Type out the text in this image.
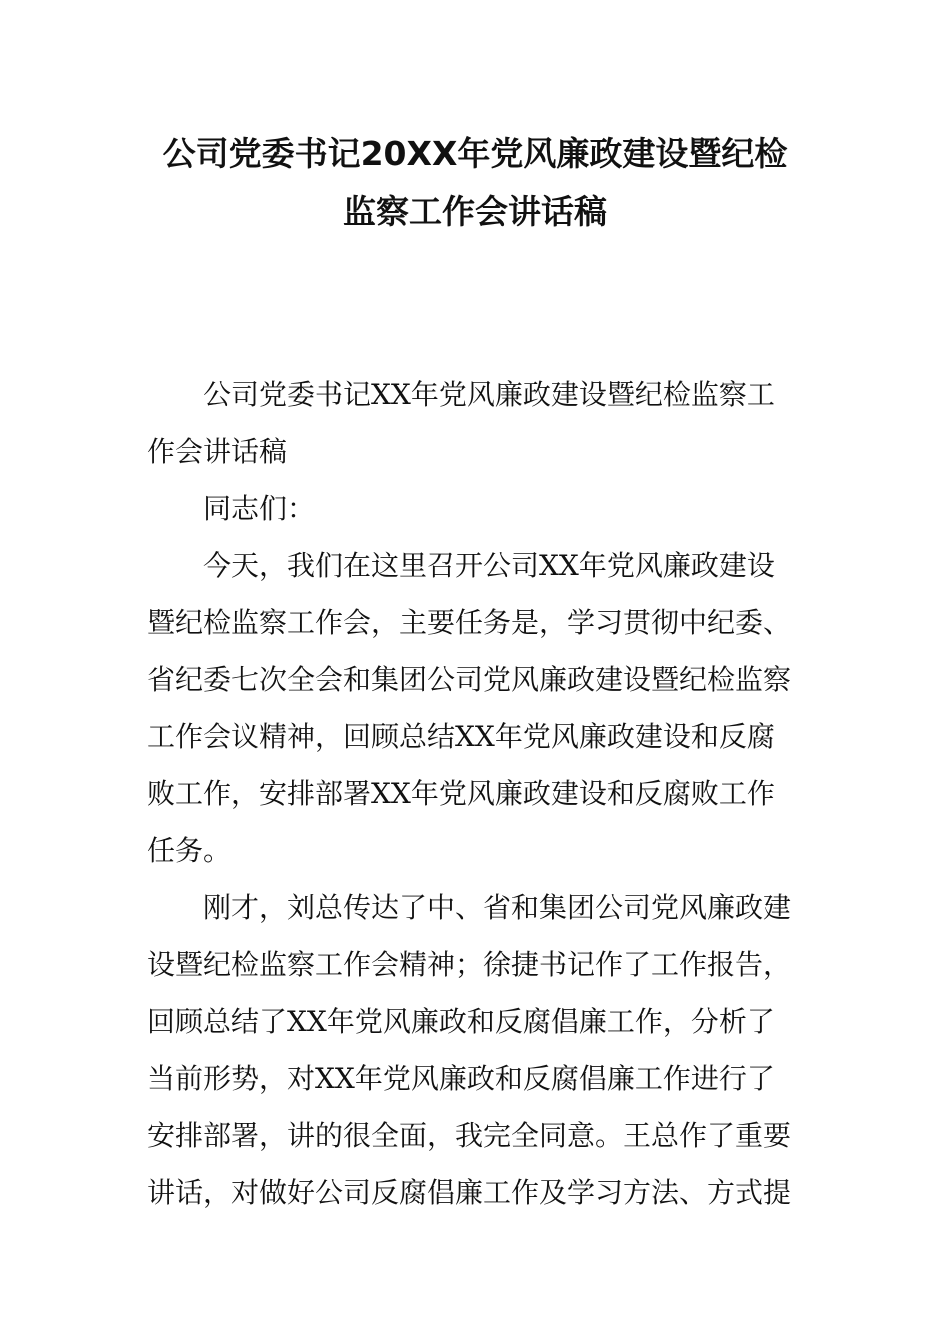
公司党委书记20XX年党风廉政建设暨纪检
监察工作会讲话稿
公司党委书记XX年党风廉政建设暨纪检监察工
作会讲话稿
同志们：
今天，我们在这里召开公司XX年党风廉政建设
暨纪检监察工作会，主要任务是，学习贯彻中纪委、
省纪委七次全会和集团公司党风廉政建设暨纪检监察
工作会议精神，回顾总结XX年党风廉政建设和反腐
败工作，安排部署XX年党风廉政建设和反腐败工作
任务。
刚才，刘总传达了中、省和集团公司党风廉政建
设暨纪检监察工作会精神；徐捷书记作了工作报告，
回顾总结了XX年党风廉政和反腐倡廉工作，分析了
当前形势，对XX年党风廉政和反腐倡廉工作进行了
安排部署，讲的很全面，我完全同意。王总作了重要
讲话，对做好公司反腐倡廉工作及学习方法、方式提
